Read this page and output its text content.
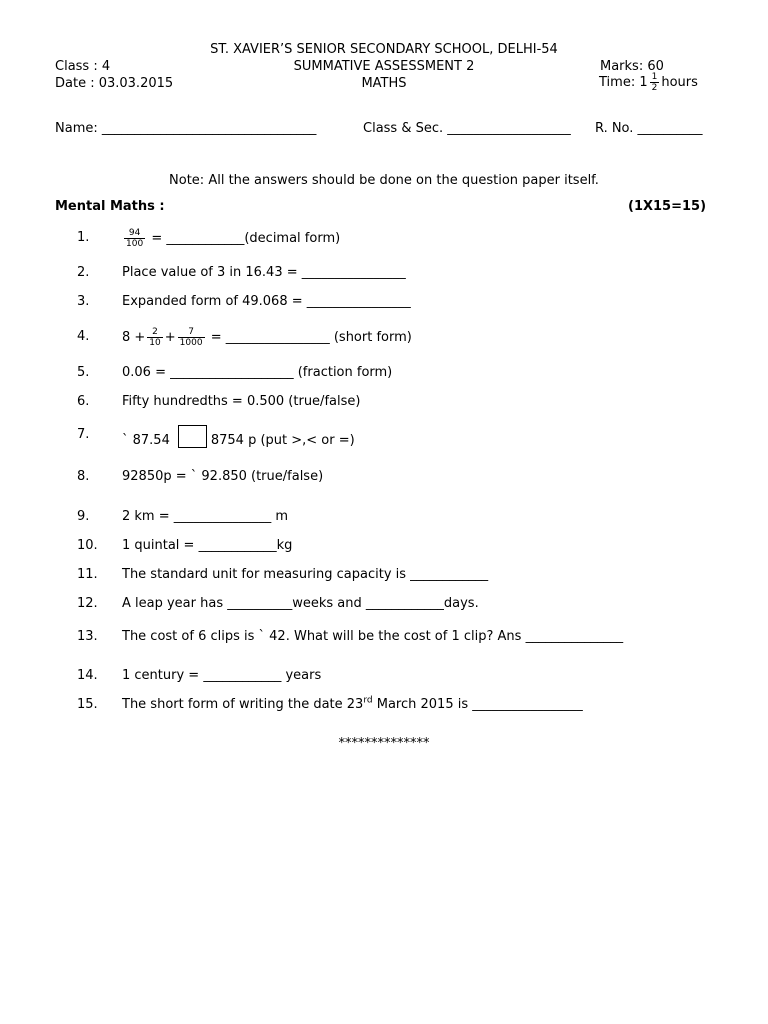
ST. XAVIER’S SENIOR SECONDARY SCHOOL, DELHI-54
Class : 4	SUMMATIVE ASSESSMENT 2	Marks: 60
Date : 03.03.2015	MATHS	Time: $1 \frac{1}{2}$ hours
Name: _________________________________	Class & Sec. ___________________ R. No. __________
Note: All the answers should be done on the question paper itself.
Mental Maths :	(1X15=15)
1.	$\frac{94}{100}$ = ____________(decimal form)
2.	Place value of 3 in 16.43 = ________________
3.	Expanded form of 49.068 = ________________
4.	$8 + \frac{2}{10} + \frac{7}{1000}$ = ________________ (short form)
5.	0.06 = ___________________ (fraction form)
6.	Fifty hundredths = 0.500 (true/false)
7.	` 87.54	8754 p (put >,< or =)
8.	92850p = ` 92.850 (true/false)
9.	2 km = _______________ m
10. 1 quintal = ____________kg
11. The standard unit for measuring capacity is ____________
12. A leap year has __________weeks and ____________days.
13. The cost of 6 clips is ` 42. What will be the cost of 1 clip? Ans _______________
14. 1 century = ____________ years
15. The short form of writing the date 23rd March 2015 is _________________
**************
